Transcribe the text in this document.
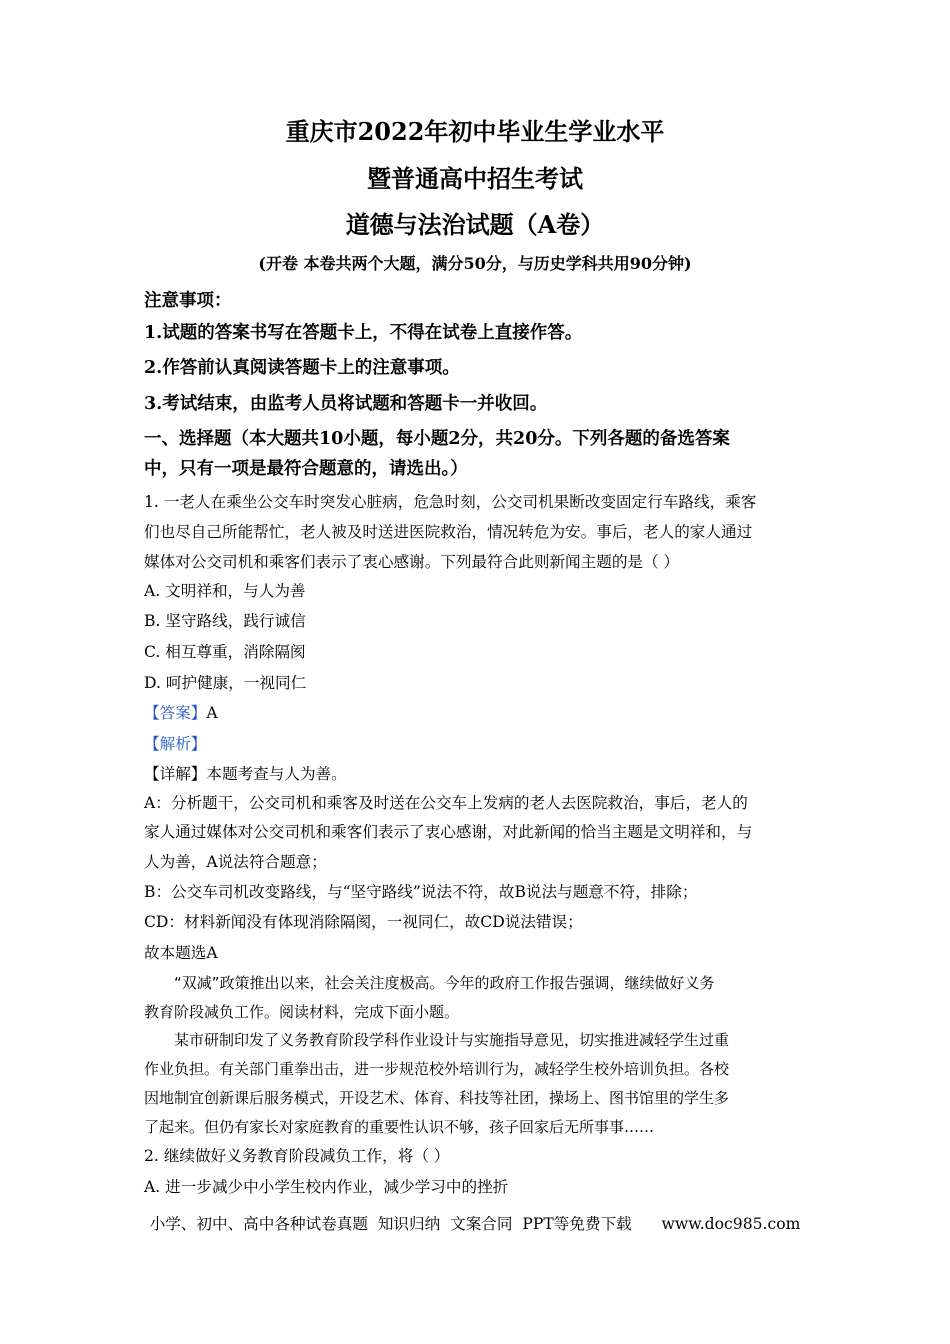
重庆市2022年初中毕业生学业水平
暨普通高中招生考试
道德与法治试题（A卷）
(开卷 本卷共两个大题，满分50分，与历史学科共用90分钟)
注意事项：
1.试题的答案书写在答题卡上，不得在试卷上直接作答。
2.作答前认真阅读答题卡上的注意事项。
3.考试结束，由监考人员将试题和答题卡一并收回。
一、选择题（本大题共10小题，每小题2分，共20分。下列各题的备选答案
中，只有一项是最符合题意的，请选出。）
1. 一老人在乘坐公交车时突发心脏病，危急时刻，公交司机果断改变固定行车路线，乘客
们也尽自己所能帮忙，老人被及时送进医院救治，情况转危为安。事后，老人的家人通过
媒体对公交司机和乘客们表示了衷心感谢。下列最符合此则新闻主题的是（ ）
A. 文明祥和，与人为善
B. 坚守路线，践行诚信
C. 相互尊重，消除隔阂
D. 呵护健康，一视同仁
【答案】A
【解析】
【详解】本题考查与人为善。
A：分析题干，公交司机和乘客及时送在公交车上发病的老人去医院救治，事后，老人的
家人通过媒体对公交司机和乘客们表示了衷心感谢，对此新闻的恰当主题是文明祥和，与
人为善，A说法符合题意；
B：公交车司机改变路线，与“坚守路线”说法不符，故B说法与题意不符，排除；
CD：材料新闻没有体现消除隔阂，一视同仁，故CD说法错误；
故本题选A
“双减”政策推出以来，社会关注度极高。今年的政府工作报告强调，继续做好义务
教育阶段减负工作。阅读材料，完成下面小题。
某市研制印发了义务教育阶段学科作业设计与实施指导意见，切实推进减轻学生过重
作业负担。有关部门重拳出击，进一步规范校外培训行为，减轻学生校外培训负担。各校
因地制宜创新课后服务模式，开设艺术、体育、科技等社团，操场上、图书馆里的学生多
了起来。但仍有家长对家庭教育的重要性认识不够，孩子回家后无所事事……
2. 继续做好义务教育阶段减负工作，将（ ）
A. 进一步减少中小学生校内作业，减少学习中的挫折
小学、初中、高中各种试卷真题  知识归纳  文案合同  PPT等免费下载 www.doc985.com
